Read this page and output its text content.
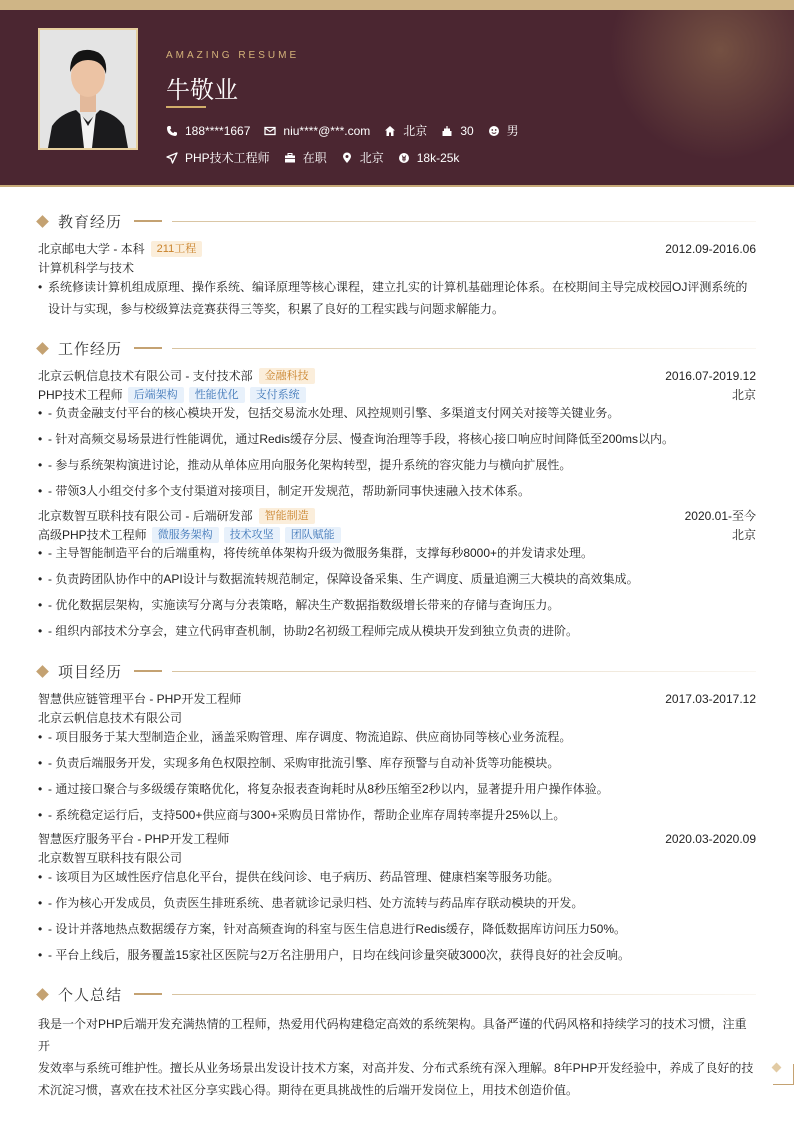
AMAZING RESUME
牛敬业
188****1667	niu****@***.com	北京	30	男
PHP技术工程师	在职	北京	18k-25k
教育经历
北京邮电大学 - 本科	211工程	2012.09-2016.06
计算机科学与技术
• 系统修读计算机组成原理、操作系统、编译原理等核心课程，建立扎实的计算机基础理论体系。在校期间主导完成校园OJ评测系统的
设计与实现，参与校级算法竞赛获得三等奖，积累了良好的工程实践与问题求解能力。
工作经历
北京云帆信息技术有限公司 - 支付技术部	金融科技	2016.07-2019.12
PHP技术工程师	后端架构	性能优化	支付系统	北京
• - 负责金融支付平台的核心模块开发，包括交易流水处理、风控规则引擎、多渠道支付网关对接等关键业务。
• - 针对高频交易场景进行性能调优，通过Redis缓存分层、慢查询治理等手段，将核心接口响应时间降低至200ms以内。
• - 参与系统架构演进讨论，推动从单体应用向服务化架构转型，提升系统的容灾能力与横向扩展性。
• - 带领3人小组交付多个支付渠道对接项目，制定开发规范，帮助新同事快速融入技术体系。
北京数智互联科技有限公司 - 后端研发部	智能制造	2020.01-至今
高级PHP技术工程师	微服务架构	技术攻坚	团队赋能	北京
• - 主导智能制造平台的后端重构，将传统单体架构升级为微服务集群，支撑每秒8000+的并发请求处理。
• - 负责跨团队协作中的API设计与数据流转规范制定，保障设备采集、生产调度、质量追溯三大模块的高效集成。
• - 优化数据层架构，实施读写分离与分表策略，解决生产数据指数级增长带来的存储与查询压力。
• - 组织内部技术分享会，建立代码审查机制，协助2名初级工程师完成从模块开发到独立负责的进阶。
项目经历
智慧供应链管理平台 - PHP开发工程师	2017.03-2017.12
北京云帆信息技术有限公司
• - 项目服务于某大型制造企业，涵盖采购管理、库存调度、物流追踪、供应商协同等核心业务流程。
• - 负责后端服务开发，实现多角色权限控制、采购审批流引擎、库存预警与自动补货等功能模块。
• - 通过接口聚合与多级缓存策略优化，将复杂报表查询耗时从8秒压缩至2秒以内，显著提升用户操作体验。
• - 系统稳定运行后，支持500+供应商与300+采购员日常协作，帮助企业库存周转率提升25%以上。
智慧医疗服务平台 - PHP开发工程师	2020.03-2020.09
北京数智互联科技有限公司
• - 该项目为区域性医疗信息化平台，提供在线问诊、电子病历、药品管理、健康档案等服务功能。
• - 作为核心开发成员，负责医生排班系统、患者就诊记录归档、处方流转与药品库存联动模块的开发。
• - 设计并落地热点数据缓存方案，针对高频查询的科室与医生信息进行Redis缓存，降低数据库访问压力50%。
• - 平台上线后，服务覆盖15家社区医院与2万名注册用户，日均在线问诊量突破3000次，获得良好的社会反响。
个人总结
我是一个对PHP后端开发充满热情的工程师，热爱用代码构建稳定高效的系统架构。具备严谨的代码风格和持续学习的技术习惯，注重开
发效率与系统可维护性。擅长从业务场景出发设计技术方案，对高并发、分布式系统有深入理解。8年PHP开发经验中，养成了良好的技
术沉淀习惯，喜欢在技术社区分享实践心得。期待在更具挑战性的后端开发岗位上，用技术创造价值。
